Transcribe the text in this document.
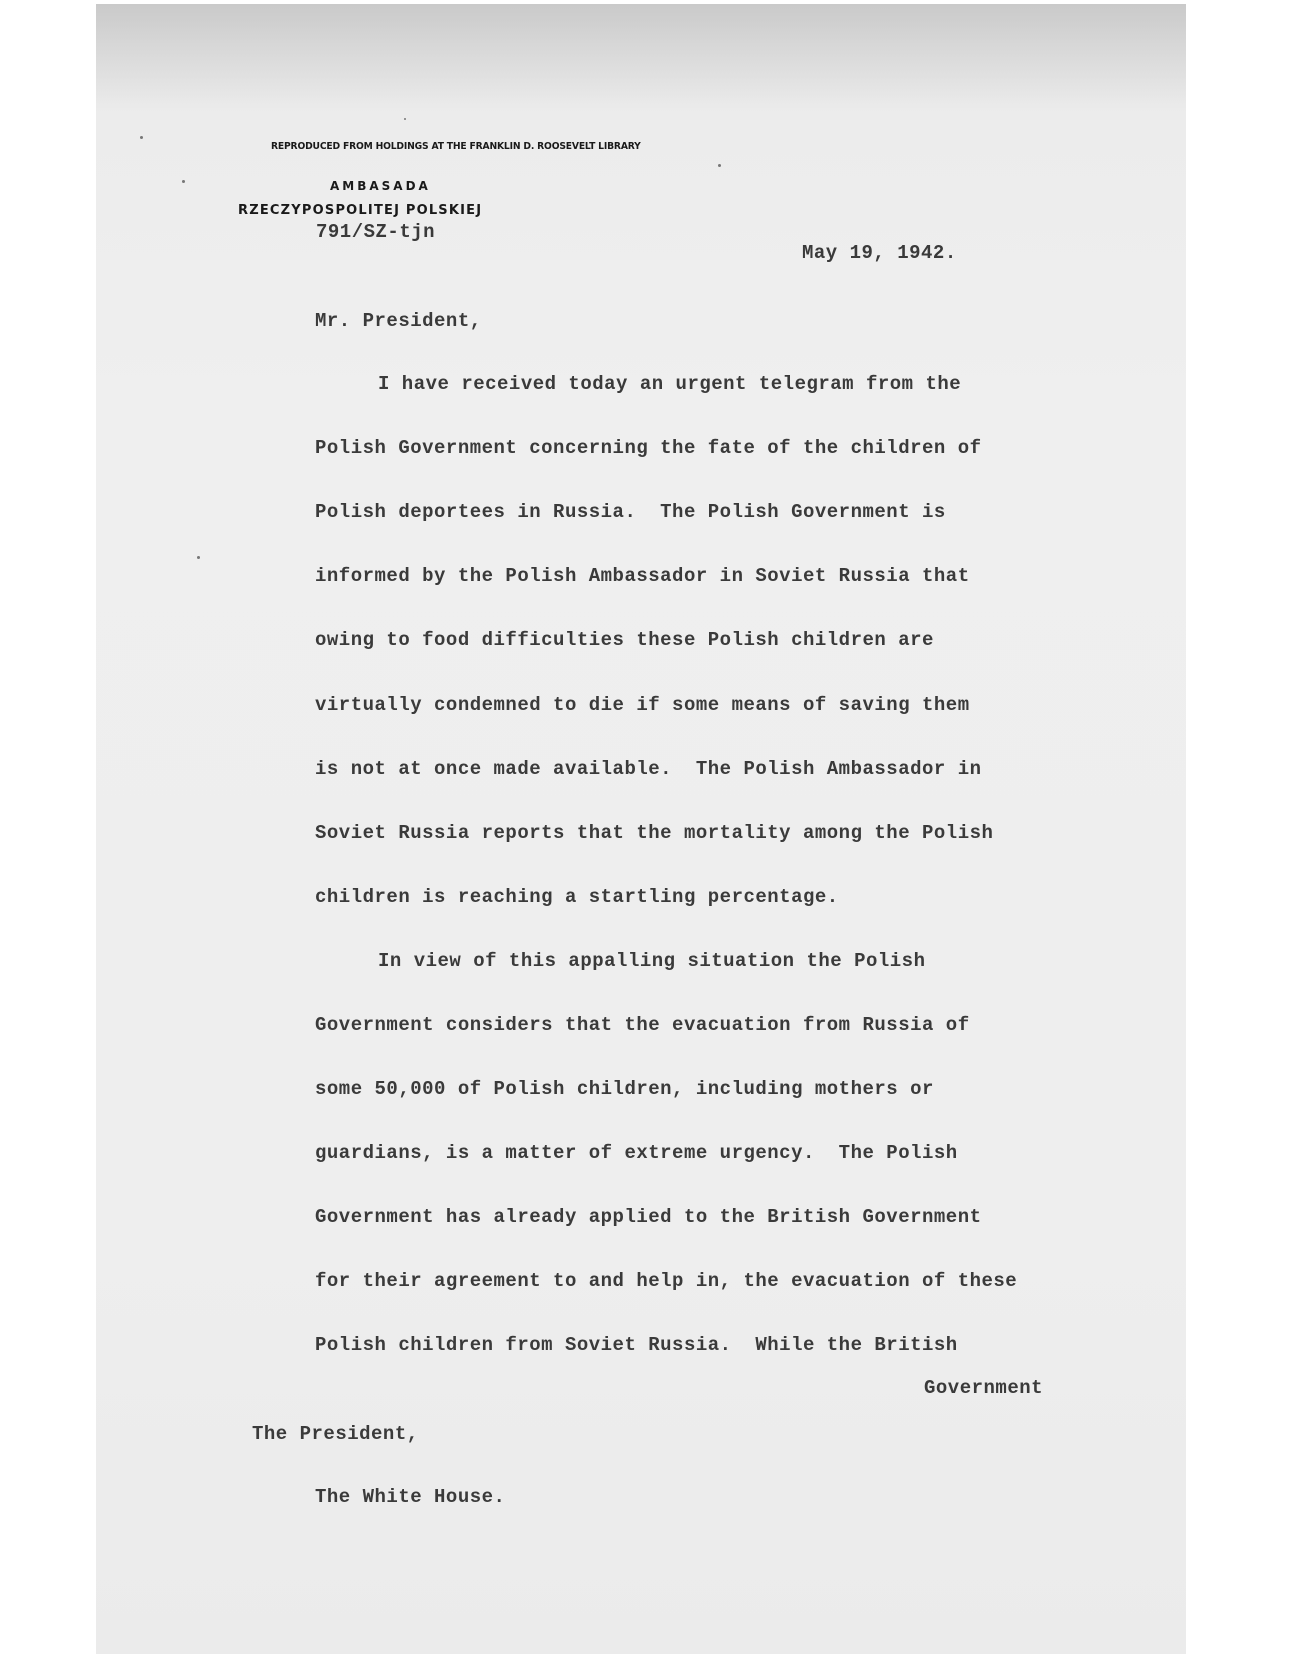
REPRODUCED FROM HOLDINGS AT THE FRANKLIN D. ROOSEVELT LIBRARY
AMBASADA
RZECZYPOSPOLITEJ POLSKIEJ
791/SZ-tjn
May 19, 1942.
Mr. President,
I have received today an urgent telegram from the
Polish Government concerning the fate of the children of
Polish deportees in Russia.  The Polish Government is
informed by the Polish Ambassador in Soviet Russia that
owing to food difficulties these Polish children are
virtually condemned to die if some means of saving them
is not at once made available.  The Polish Ambassador in
Soviet Russia reports that the mortality among the Polish
children is reaching a startling percentage.
In view of this appalling situation the Polish
Government considers that the evacuation from Russia of
some 50,000 of Polish children, including mothers or
guardians, is a matter of extreme urgency.  The Polish
Government has already applied to the British Government
for their agreement to and help in, the evacuation of these
Polish children from Soviet Russia.  While the British
Government
The President,
The White House.
